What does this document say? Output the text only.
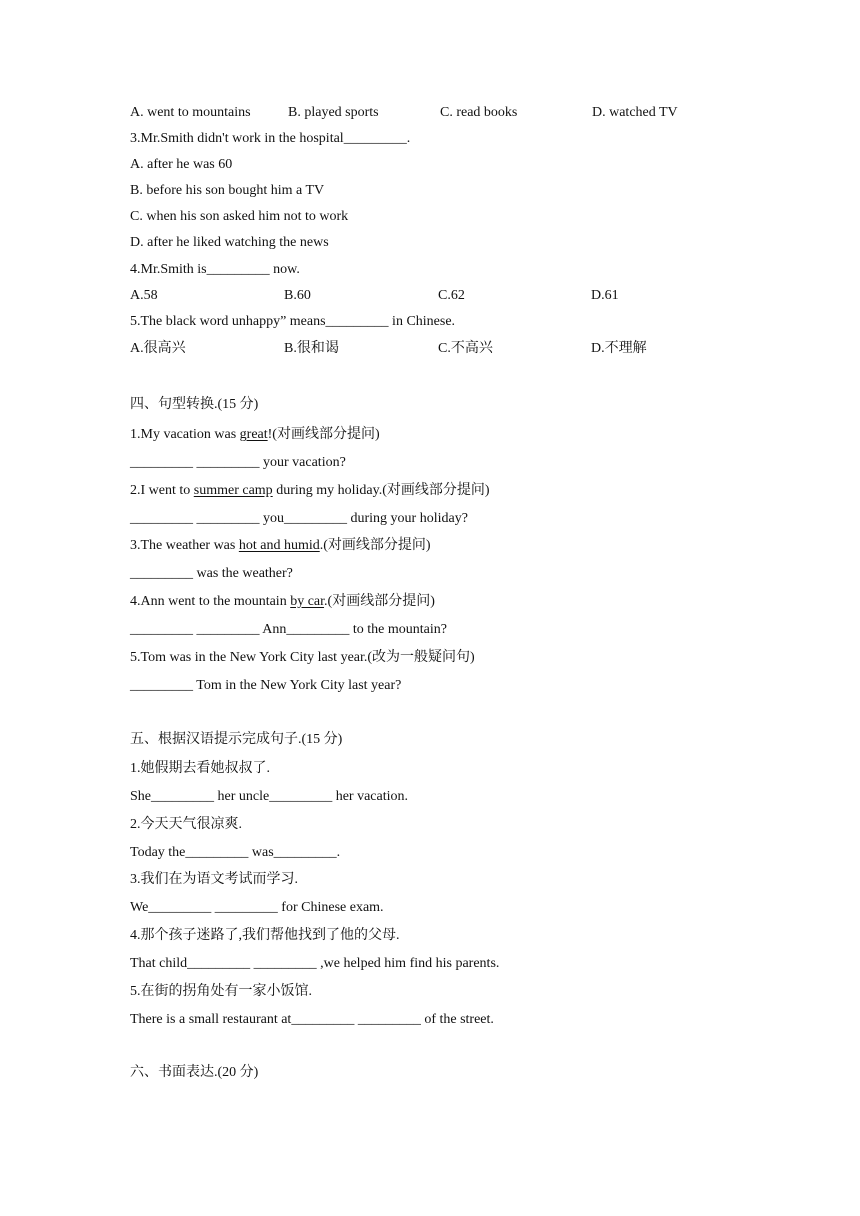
A. went to mountains	B. played sports	C. read books	D. watched TV
3.Mr.Smith didn't work in the hospital_________.
A. after he was 60
B. before his son bought him a TV
C. when his son asked him not to work
D. after he liked watching the news
4.Mr.Smith is_________ now.
A.58	B.60	C.62	D.61
5.The black word unhappy” means_________ in Chinese.
A.很高兴	B.很和谒	C.不高兴	D.不理解
四、句型转换.(15 分)
1.My vacation was great!(对画线部分提问)
_________ _________ your vacation?
2.I went to summer camp during my holiday.(对画线部分提问)
_________ _________ you_________ during your holiday?
3.The weather was hot and humid.(对画线部分提问)
_________ was the weather?
4.Ann went to the mountain by car.(对画线部分提问)
_________ _________ Ann_________ to the mountain?
5.Tom was in the New York City last year.(改为一般疑问句)
_________ Tom in the New York City last year?
五、根据汉语提示完成句子.(15 分)
1.她假期去看她叔叔了.
She_________ her uncle_________ her vacation.
2.今天天气很凉爽.
Today the_________ was_________.
3.我们在为语文考试而学习.
We_________ _________ for Chinese exam.
4.那个孩子迷路了,我们帮他找到了他的父母.
That child_________ _________ ,we helped him find his parents.
5.在街的拐角处有一家小饭馆.
There is a small restaurant at_________ _________ of the street.
六、书面表达.(20 分)
